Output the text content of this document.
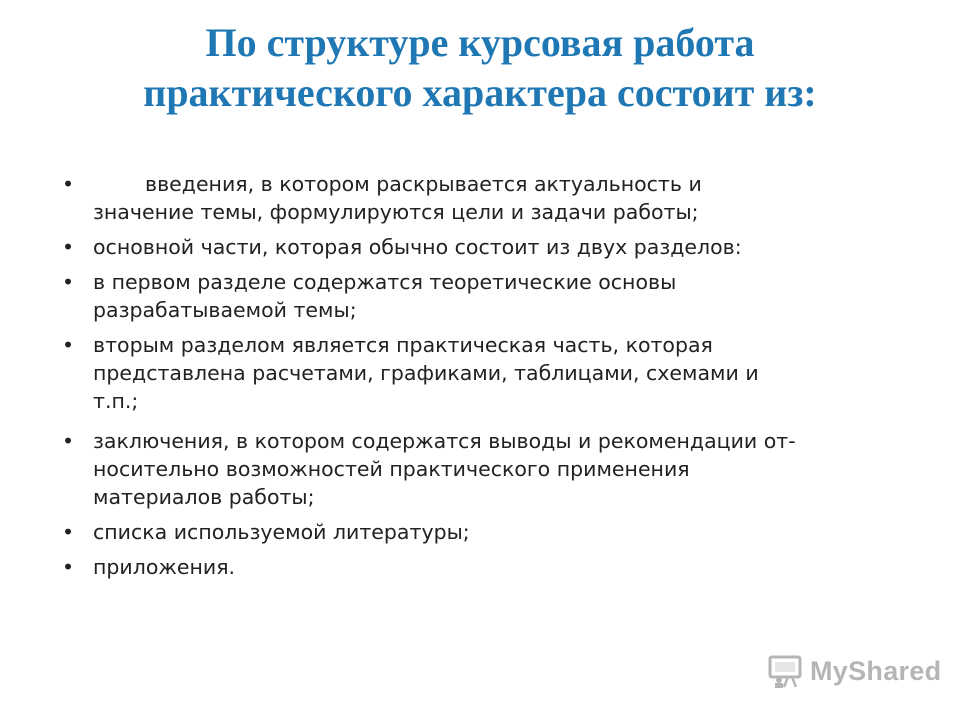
По структуре курсовая работа
практического характера состоит из:
• введения, в котором раскрывается актуальность и
значение темы, формулируются цели и задачи работы;
• основной части, которая обычно состоит из двух разделов:
• в первом разделе содержатся теоретические основы
разрабатываемой темы;
• вторым разделом является практическая часть, которая
представлена расчетами, графиками, таблицами, схемами и
т.п.;
• заключения, в котором содержатся выводы и рекомендации от-
носительно возможностей практического применения
материалов работы;
• списка используемой литературы;
• приложения.
MyShared
